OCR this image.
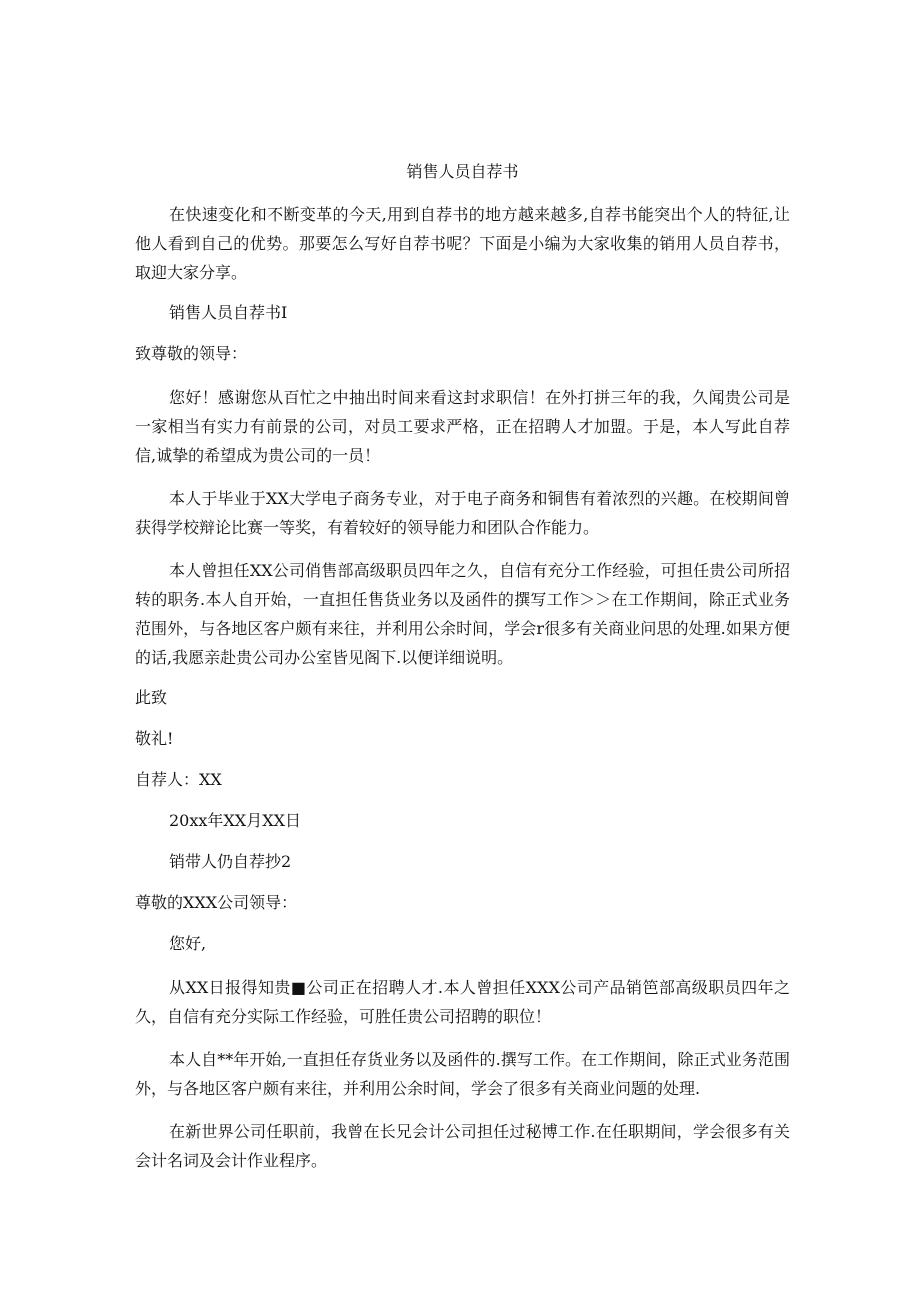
销售人员自荐书

在快速变化和不断变革的今天,用到自荐书的地方越来越多,自荐书能突出个人的特征,让他人看到自己的优势。那要怎么写好自荐书呢？下面是小编为大家收集的销用人员自荐书，取迎大家分享。

销售人员自荐书I
致尊敬的领导：

您好！感谢您从百忙之中抽出时间来看这封求职信！在外打拼三年的我，久闻贵公司是一家相当有实力有前景的公司，对员工要求严格，正在招聘人才加盟。于是，本人写此自荐信,诚挚的希望成为贵公司的一员！

本人于毕业于XX大学电子商务专业，对于电子商务和铜售有着浓烈的兴趣。在校期间曾获得学校辩论比赛一等奖，有着较好的领导能力和团队合作能力。

本人曾担任XX公司俏售部高级职员四年之久，自信有充分工作经验，可担任贵公司所招转的职务.本人自开始，一直担任售货业务以及函件的撰写工作＞＞在工作期间，除正式业务范围外，与各地区客户颇有来往，并利用公余时间，学会r很多有关商业问思的处理.如果方便的话,我愿亲赴贵公司办公室皆见阁下.以便详细说明。

此致
敬礼!
自荐人：XX
20xx年XX月XX日
销带人仍自荐抄2
尊敬的XXX公司领导：
您好,

从XX日报得知贵■公司正在招聘人才.本人曾担任XXX公司产品销笆部高级职员四年之久，自信有充分实际工作经验，可胜任贵公司招聘的职位！

本人自**年开始,一直担任存货业务以及函件的.撰写工作。在工作期间，除正式业务范围外，与各地区客户颇有来往，并利用公余时间，学会了很多有关商业问题的处理.

在新世界公司任职前，我曾在长兄会计公司担任过秘博工作.在任职期间，学会很多有关会计名词及会计作业程序。
